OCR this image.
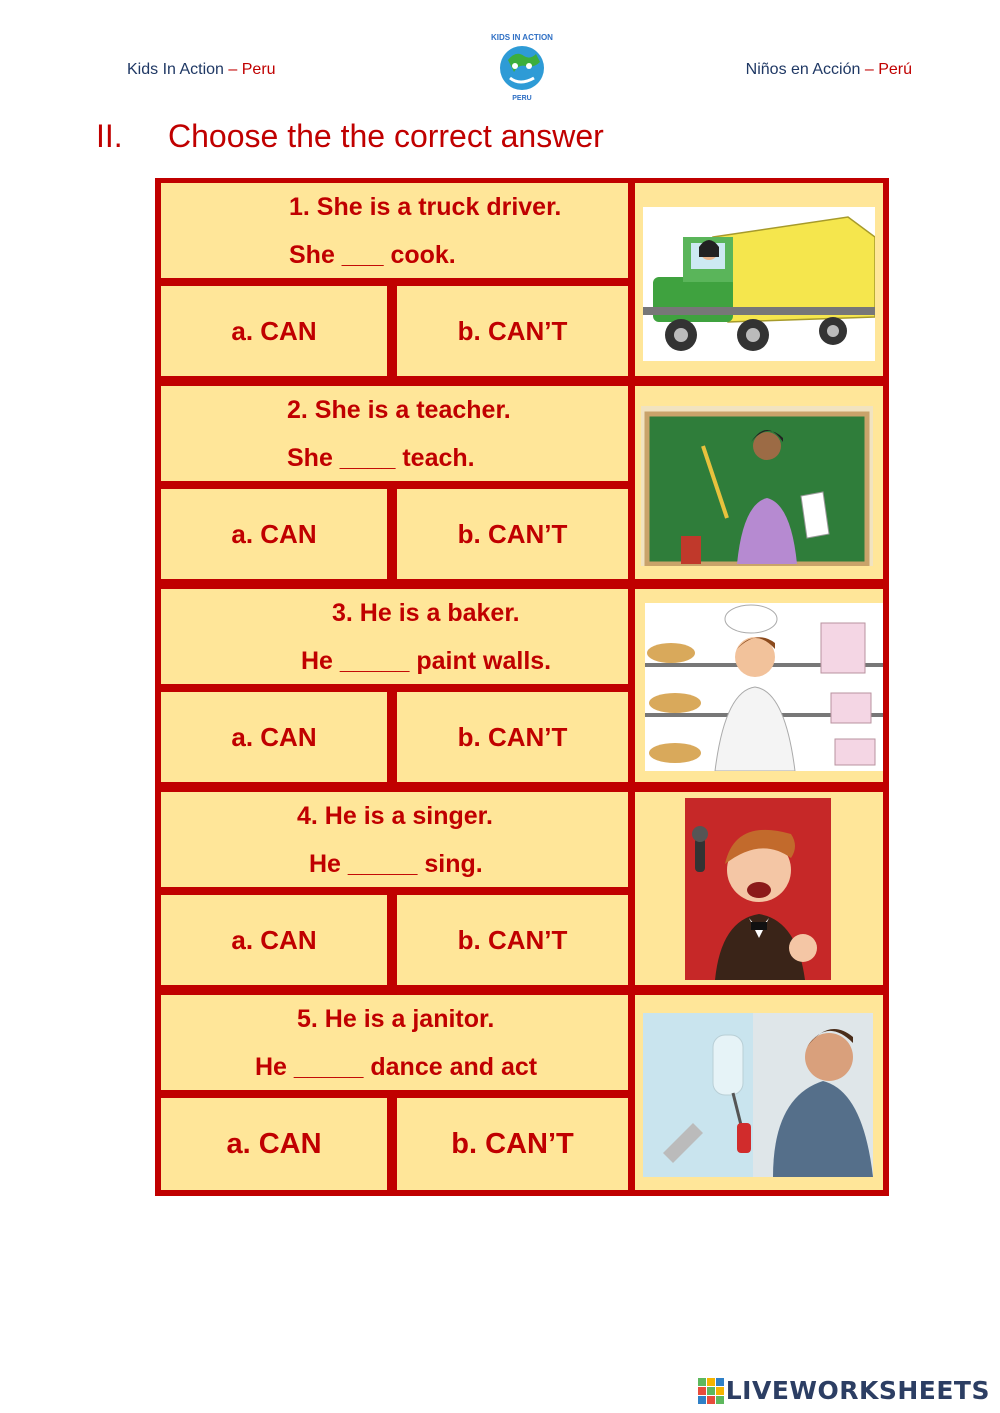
Kids In Action – Peru
KIDS IN ACTION
PERU
Niños en Acción – Perú
II. Choose the the correct answer
1. She is a truck driver.
She ___ cook.
a. CAN	b. CAN’T
2. She is a teacher.
She ____ teach.
a. CAN	b. CAN’T
3. He is a baker.
He _____ paint walls.
a. CAN	b. CAN’T
4. He is a singer.
He _____ sing.
a. CAN	b. CAN’T
5. He is a janitor.
He _____ dance and act
a. CAN	b. CAN’T
LIVEWORKSHEETS
